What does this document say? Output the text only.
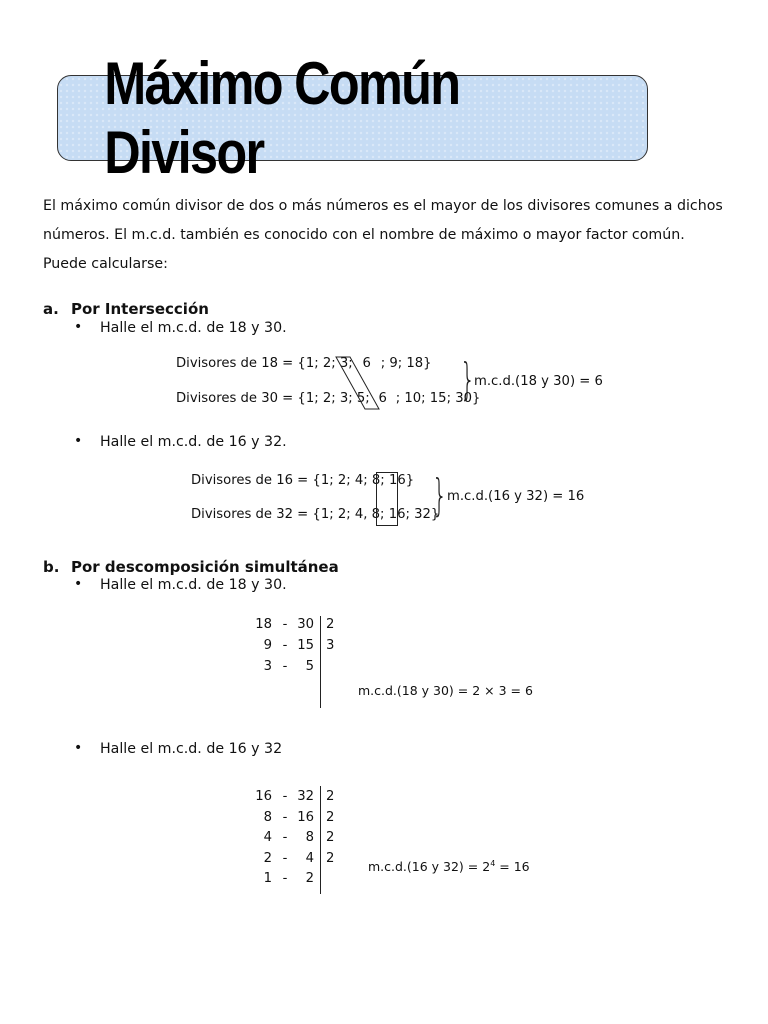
Máximo Común Divisor
El máximo común divisor de dos o más números es el mayor de los divisores comunes a dichos números. El m.c.d. también es conocido con el nombre de máximo o mayor factor común. Puede calcularse:
a. Por Intersección
• Halle el m.c.d. de 18 y 30.
Divisores de 18 = {1; 2; 3; 6 ; 9; 18}
Divisores de 30 = {1; 2; 3; 5; 6 ; 10; 15; 30}
}
m.c.d.(18 y 30) = 6
• Halle el m.c.d. de 16 y 32.
Divisores de 16 = {1; 2; 4; 8; 16}
Divisores de 32 = {1; 2; 4, 8; 16; 32}
} m.c.d.(16 y 32) = 16
b. Por descomposición simultánea
• Halle el m.c.d. de 18 y 30.
18 - 30 2
9 - 15 3
3 -	5
m.c.d.(18 y 30) = 2 × 3 = 6
• Halle el m.c.d. de 16 y 32
16 - 32 2
8 - 16 2
4 -	8 2
2 -	4 2
1 -	2
m.c.d.(16 y $32) = 2^4 = 16$
